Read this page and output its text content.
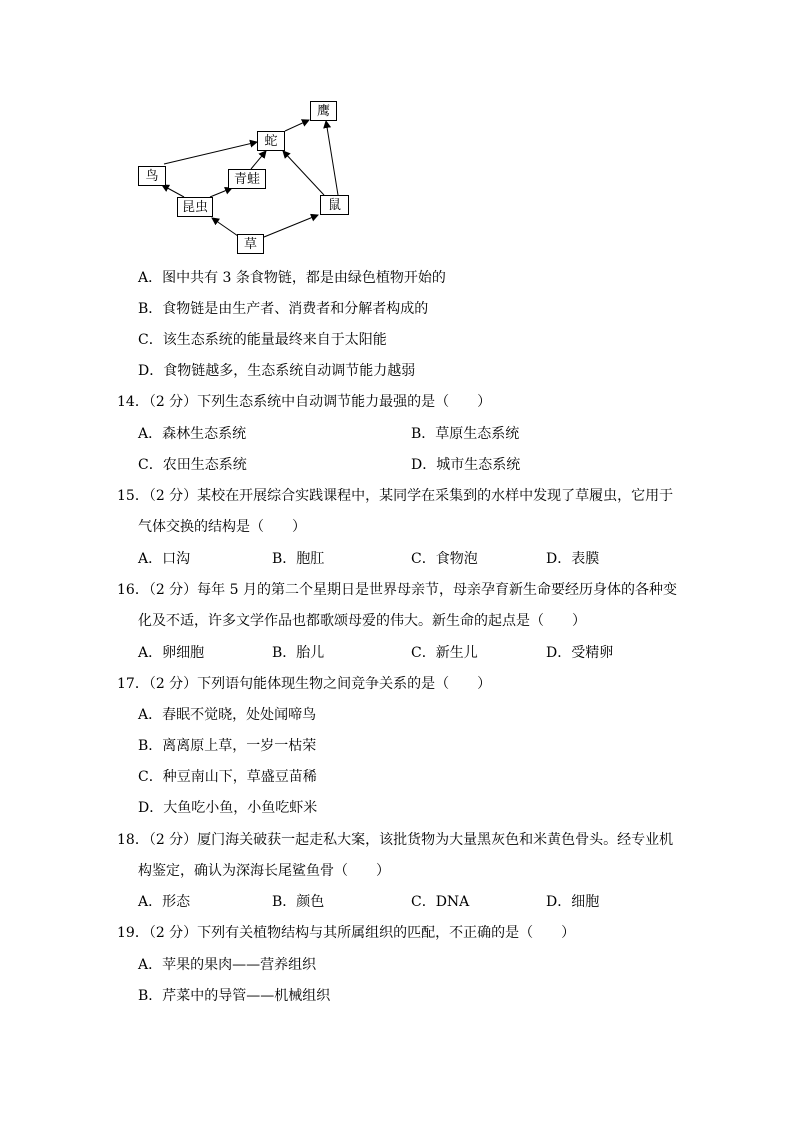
鹰
蛇
鸟	青蛙
昆虫	鼠
草
A．图中共有 3 条食物链，都是由绿色植物开始的
B．食物链是由生产者、消费者和分解者构成的
C．该生态系统的能量最终来自于太阳能
D．食物链越多，生态系统自动调节能力越弱
14．（2 分）下列生态系统中自动调节能力最强的是（　　）
A．森林生态系统	B．草原生态系统
C．农田生态系统	D．城市生态系统
15．（2 分）某校在开展综合实践课程中，某同学在采集到的水样中发现了草履虫，它用于
气体交换的结构是（　　）
A．口沟	B．胞肛	C．食物泡	D．表膜
16．（2 分）每年 5 月的第二个星期日是世界母亲节，母亲孕育新生命要经历身体的各种变
化及不适，许多文学作品也都歌颂母爱的伟大。新生命的起点是（　　）
A．卵细胞	B．胎儿	C．新生儿	D．受精卵
17．（2 分）下列语句能体现生物之间竞争关系的是（　　）
A．春眠不觉晓，处处闻啼鸟
B．离离原上草，一岁一枯荣
C．种豆南山下，草盛豆苗稀
D．大鱼吃小鱼，小鱼吃虾米
18．（2 分）厦门海关破获一起走私大案，该批货物为大量黑灰色和米黄色骨头。经专业机
构鉴定，确认为深海长尾鲨鱼骨（　　）
A．形态	B．颜色	C．DNA	D．细胞
19．（2 分）下列有关植物结构与其所属组织的匹配，不正确的是（　　）
A．苹果的果肉——营养组织
B．芹菜中的导管——机械组织
